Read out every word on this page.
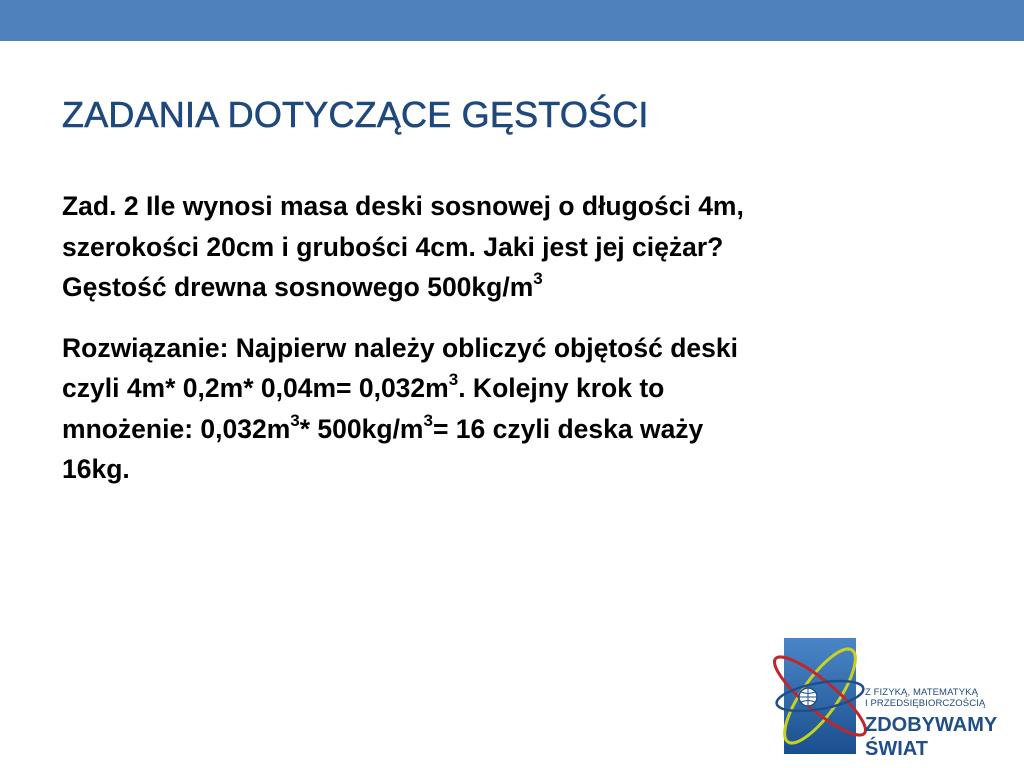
ZADANIA DOTYCZĄCE GĘSTOŚCI

Zad. 2 Ile wynosi masa deski sosnowej o długości 4m,
szerokości 20cm i grubości 4cm. Jaki jest jej ciężar?
Gęstość drewna sosnowego $500kg/m^3$

Rozwiązanie: Najpierw należy obliczyć objętość deski
czyli 4m* 0,2m* $0,04m= 0,032m^3$. Kolejny krok to
mnożenie: $0,032m^3*$ $500kg/m^3= 16$ czyli deska waży
16kg.

Z FIZYKĄ, MATEMATYKĄ
I PRZEDSIĘBIORCZOŚCIĄ
ZDOBYWAMY
ŚWIAT
